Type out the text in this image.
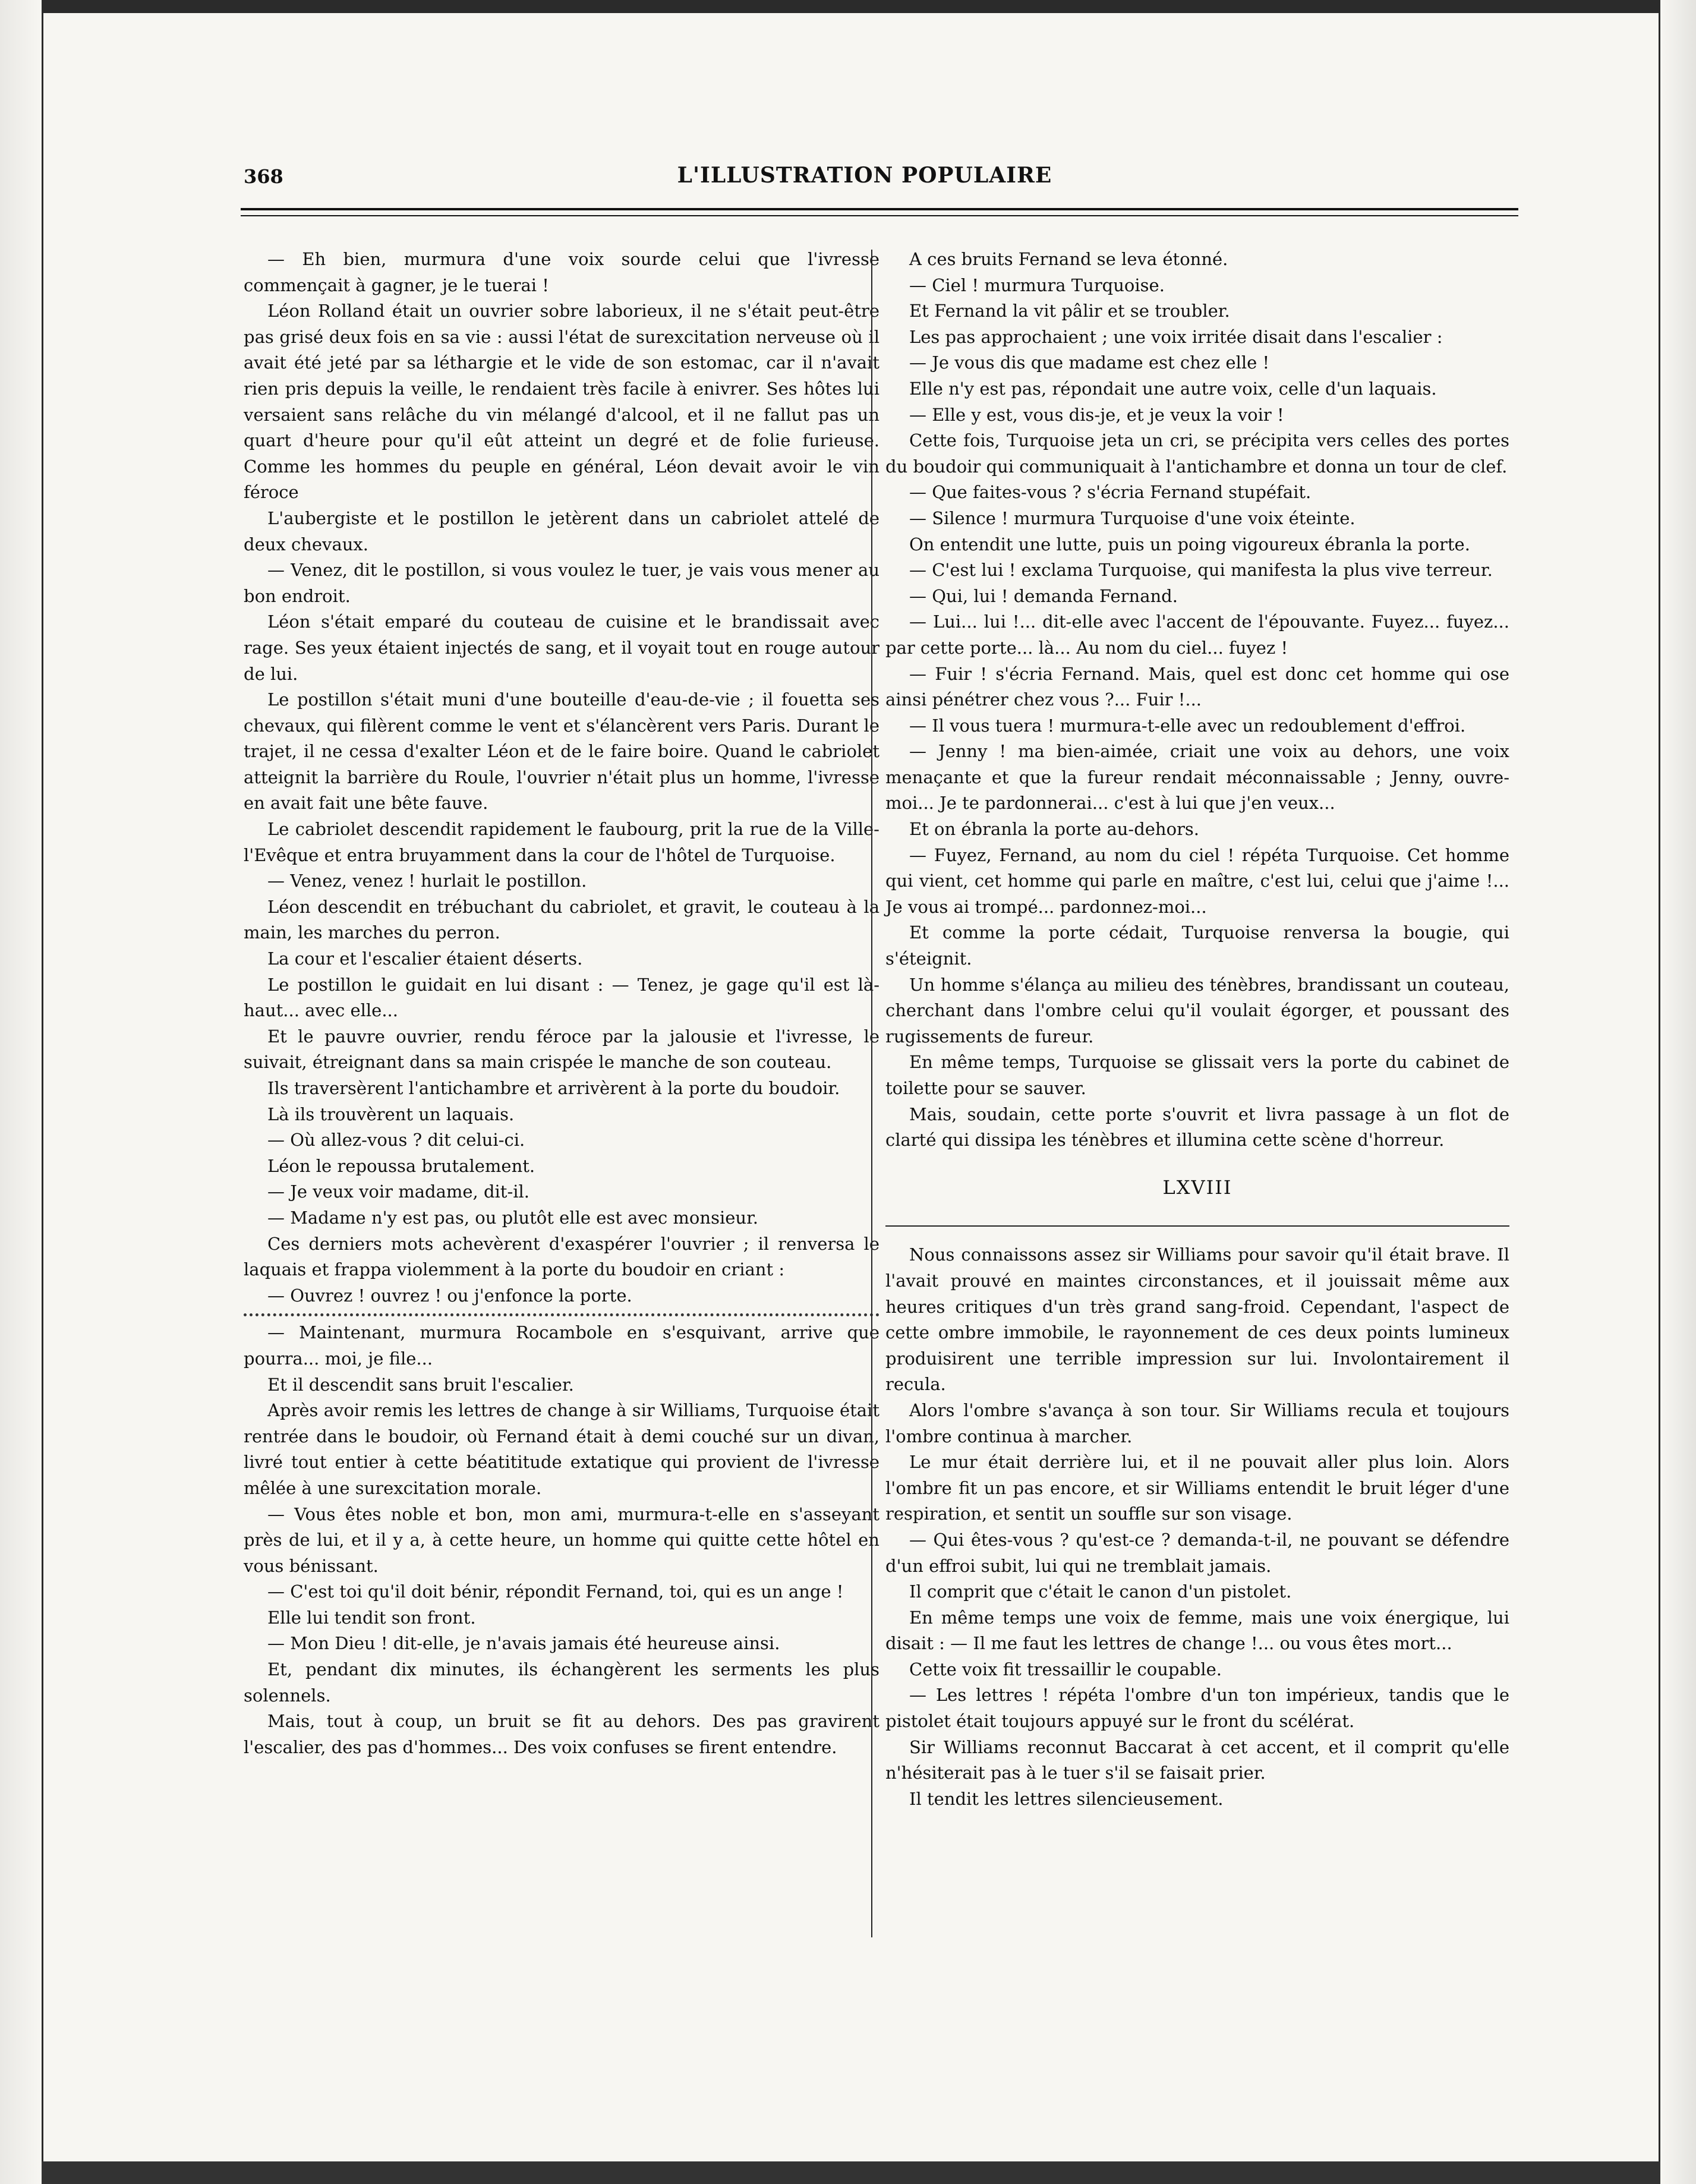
368	L'ILLUSTRATION POPULAIRE

— Eh bien, murmura d'une voix sourde celui que l'ivresse commençait à gagner, je le tuerai !

Léon Rolland était un ouvrier sobre laborieux, il ne s'était peut-être pas grisé deux fois en sa vie : aussi l'état de surexcitation nerveuse où il avait été jeté par sa léthargie et le vide de son estomac, car il n'avait rien pris depuis la veille, le rendaient très facile à enivrer. Ses hôtes lui versaient sans relâche du vin mélangé d'alcool, et il ne fallut pas un quart d'heure pour qu'il eût atteint un degré et de folie furieuse. Comme les hommes du peuple en général, Léon devait avoir le vin féroce

L'aubergiste et le postillon le jetèrent dans un cabriolet attelé de deux chevaux.

— Venez, dit le postillon, si vous voulez le tuer, je vais vous mener au bon endroit.

Léon s'était emparé du couteau de cuisine et le brandissait avec rage. Ses yeux étaient injectés de sang, et il voyait tout en rouge autour de lui.

Le postillon s'était muni d'une bouteille d'eau-de-vie ; il fouetta ses chevaux, qui filèrent comme le vent et s'élancèrent vers Paris. Durant le trajet, il ne cessa d'exalter Léon et de le faire boire. Quand le cabriolet atteignit la barrière du Roule, l'ouvrier n'était plus un homme, l'ivresse en avait fait une bête fauve.

Le cabriolet descendit rapidement le faubourg, prit la rue de la Ville-l'Evêque et entra bruyamment dans la cour de l'hôtel de Turquoise.

— Venez, venez ! hurlait le postillon.

Léon descendit en trébuchant du cabriolet, et gravit, le couteau à la main, les marches du perron.

La cour et l'escalier étaient déserts.

Le postillon le guidait en lui disant : — Tenez, je gage qu'il est là-haut... avec elle...

Et le pauvre ouvrier, rendu féroce par la jalousie et l'ivresse, le suivait, étreignant dans sa main crispée le manche de son couteau.

Ils traversèrent l'antichambre et arrivèrent à la porte du boudoir.

Là ils trouvèrent un laquais.

— Où allez-vous ? dit celui-ci.

Léon le repoussa brutalement.

— Je veux voir madame, dit-il.

— Madame n'y est pas, ou plutôt elle est avec monsieur.

Ces derniers mots achevèrent d'exaspérer l'ouvrier ; il renversa le laquais et frappa violemment à la porte du boudoir en criant :

— Ouvrez ! ouvrez ! ou j'enfonce la porte.

— Maintenant, murmura Rocambole en s'esquivant, arrive que pourra... moi, je file...

Et il descendit sans bruit l'escalier.

Après avoir remis les lettres de change à sir Williams, Turquoise était rentrée dans le boudoir, où Fernand était à demi couché sur un divan, livré tout entier à cette béatititude extatique qui provient de l'ivresse mêlée à une surexcitation morale.

— Vous êtes noble et bon, mon ami, murmura-t-elle en s'asseyant près de lui, et il y a, à cette heure, un homme qui quitte cette hôtel en vous bénissant.

— C'est toi qu'il doit bénir, répondit Fernand, toi, qui es un ange !

Elle lui tendit son front.

— Mon Dieu ! dit-elle, je n'avais jamais été heureuse ainsi.

Et, pendant dix minutes, ils échangèrent les serments les plus solennels.

Mais, tout à coup, un bruit se fit au dehors. Des pas gravirent l'escalier, des pas d'hommes... Des voix confuses se firent entendre.

A ces bruits Fernand se leva étonné.

— Ciel ! murmura Turquoise.

Et Fernand la vit pâlir et se troubler.

Les pas approchaient ; une voix irritée disait dans l'escalier :

— Je vous dis que madame est chez elle !

Elle n'y est pas, répondait une autre voix, celle d'un laquais.

— Elle y est, vous dis-je, et je veux la voir !

Cette fois, Turquoise jeta un cri, se précipita vers celles des portes du boudoir qui communiquait à l'antichambre et donna un tour de clef.

— Que faites-vous ? s'écria Fernand stupéfait.

— Silence ! murmura Turquoise d'une voix éteinte.

On entendit une lutte, puis un poing vigoureux ébranla la porte.

— C'est lui ! exclama Turquoise, qui manifesta la plus vive terreur.

— Qui, lui ! demanda Fernand.

— Lui... lui !... dit-elle avec l'accent de l'épouvante. Fuyez... fuyez... par cette porte... là... Au nom du ciel... fuyez !

— Fuir ! s'écria Fernand. Mais, quel est donc cet homme qui ose ainsi pénétrer chez vous ?... Fuir !...

— Il vous tuera ! murmura-t-elle avec un redoublement d'effroi.

— Jenny ! ma bien-aimée, criait une voix au dehors, une voix menaçante et que la fureur rendait méconnaissable ; Jenny, ouvre-moi... Je te pardonnerai... c'est à lui que j'en veux...

Et on ébranla la porte au-dehors.

— Fuyez, Fernand, au nom du ciel ! répéta Turquoise. Cet homme qui vient, cet homme qui parle en maître, c'est lui, celui que j'aime !... Je vous ai trompé... pardonnez-moi...

Et comme la porte cédait, Turquoise renversa la bougie, qui s'éteignit.

Un homme s'élança au milieu des ténèbres, brandissant un couteau, cherchant dans l'ombre celui qu'il voulait égorger, et poussant des rugissements de fureur.

En même temps, Turquoise se glissait vers la porte du cabinet de toilette pour se sauver.

Mais, soudain, cette porte s'ouvrit et livra passage à un flot de clarté qui dissipa les ténèbres et illumina cette scène d'horreur.

LXVIII

Nous connaissons assez sir Williams pour savoir qu'il était brave. Il l'avait prouvé en maintes circonstances, et il jouissait même aux heures critiques d'un très grand sang-froid. Cependant, l'aspect de cette ombre immobile, le rayonnement de ces deux points lumineux produisirent une terrible impression sur lui. Involontairement il recula.

Alors l'ombre s'avança à son tour. Sir Williams recula et toujours l'ombre continua à marcher.

Le mur était derrière lui, et il ne pouvait aller plus loin. Alors l'ombre fit un pas encore, et sir Williams entendit le bruit léger d'une respiration, et sentit un souffle sur son visage.

— Qui êtes-vous ? qu'est-ce ? demanda-t-il, ne pouvant se défendre d'un effroi subit, lui qui ne tremblait jamais.

Il comprit que c'était le canon d'un pistolet.

En même temps une voix de femme, mais une voix énergique, lui disait : — Il me faut les lettres de change !... ou vous êtes mort...

Cette voix fit tressaillir le coupable.

— Les lettres ! répéta l'ombre d'un ton impérieux, tandis que le pistolet était toujours appuyé sur le front du scélérat.

Sir Williams reconnut Baccarat à cet accent, et il comprit qu'elle n'hésiterait pas à le tuer s'il se faisait prier.

Il tendit les lettres silencieusement.
